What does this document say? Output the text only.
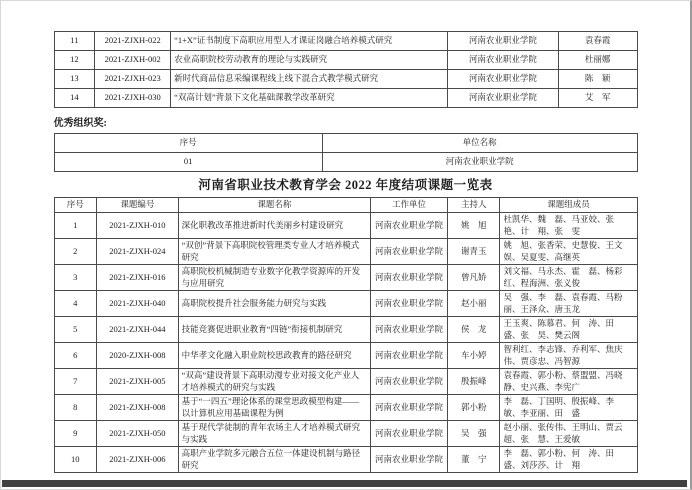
11	2021-ZJXH-022	“1+X”证书制度下高职应用型人才课证岗融合培养模式研究	河南农业职业学院	袁春霞
12	2021-ZJXH-002	农业高职院校劳动教育的理论与实践研究	河南农业职业学院	杜丽娜
13	2021-ZJXH-023	新时代商品信息采编课程线上线下混合式教学模式研究	河南农业职业学院	陈　颖
14	2021-ZJXH-030	“双高计划”背景下文化基础课教学改革研究	河南农业职业学院	艾　军
优秀组织奖:
序号	单位名称
01	河南农业职业学院
河南省职业技术教育学会 2022 年度结项课题一览表
序号	课题编号	课题名称	工作单位	主持人	课题组成员
1	2021-ZJXH-010	深化职教改革推进新时代美丽乡村建设研究	河南农业职业学院	姚　旭	杜凯华、魏　磊、马亚姣、张　艳、计　翔、张　雯
2	2021-ZJXH-024	“双创”背景下高职院校管理类专业人才培养模式研究	河南农业职业学院	谢青玉	姚　旭、张香荣、史慧俊、王文娱、吴夏雯、高继英
3	2021-ZJXH-016	高职院校机械制造专业数字化教学资源库的开发与应用研究	河南农业职业学院	曾凡娇	刘文福、马永杰、霍　磊、杨彩红、程海洲、张义俊
4	2021-ZJXH-040	高职院校提升社会服务能力研究与实践	河南农业职业学院	赵小丽	吴　强、李　磊、袁春霞、马粉丽、王泽众、唐玉龙
5	2021-ZJXH-044	技能竞赛促进职业教育“四链”衔接机制研究	河南农业职业学院	侯　龙	王玉爽、陈慕君、何　涛、田　盛、张　昊、樊云阁
6	2020-ZJXH-008	中华孝文化融入职业院校思政教育的路径研究	河南农业职业学院	车小婷	智利红、李志锋、乔利军、焦庆伟、贾彦忠、冯智源
7	2021-ZJXH-005	“双高”建设背景下高职动漫专业对接文化产业人才培养模式的研究与实践	河南农业职业学院	殷振峰	袁春霞、郭小粉、蔡盟盟、冯晓静、史兴燕、李宪广
8	2021-ZJXH-008	基于“一四五”理论体系的课堂思政模型构建——以计算机应用基础课程为例	河南农业职业学院	郭小粉	李　磊、丁国明、殷振峰、李　敏、李亚丽、田　盛
9	2021-ZJXH-050	基于现代学徒制的青年农场主人才培养模式研究与实践	河南农业职业学院	吴　强	赵小丽、张传伟、王明山、贾云超、张　慧、王爱敏
10	2021-ZJXH-006	高职产业学院多元融合五位一体建设机制与路径研究	河南农业职业学院	董　宁	李　磊、郭小粉、何　涛、田　盛、刘莎莎、计　翔
